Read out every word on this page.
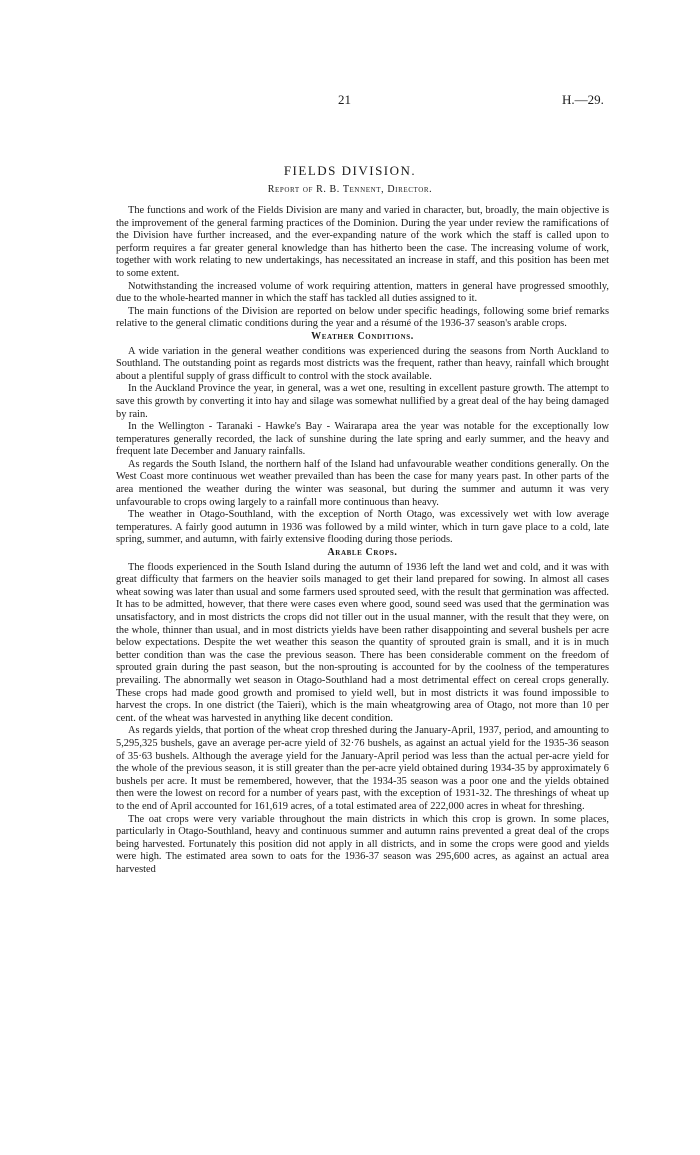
21	H.—29.
FIELDS DIVISION.
Report of R. B. Tennent, Director.

The functions and work of the Fields Division are many and varied in character, but, broadly, the main objective is the improvement of the general farming practices of the Dominion. During the year under review the ramifications of the Division have further increased, and the ever-expanding nature of the work which the staff is called upon to perform requires a far greater general knowledge than has hitherto been the case. The increasing volume of work, together with work relating to new undertakings, has necessitated an increase in staff, and this position has been met to some extent.

Notwithstanding the increased volume of work requiring attention, matters in general have progressed smoothly, due to the whole-hearted manner in which the staff has tackled all duties assigned to it.

The main functions of the Division are reported on below under specific headings, following some brief remarks relative to the general climatic conditions during the year and a résumé of the 1936-37 season's arable crops.

Weather Conditions.

A wide variation in the general weather conditions was experienced during the seasons from North Auckland to Southland. The outstanding point as regards most districts was the frequent, rather than heavy, rainfall which brought about a plentiful supply of grass difficult to control with the stock available.

In the Auckland Province the year, in general, was a wet one, resulting in excellent pasture growth. The attempt to save this growth by converting it into hay and silage was somewhat nullified by a great deal of the hay being damaged by rain.

In the Wellington - Taranaki - Hawke's Bay - Wairarapa area the year was notable for the exceptionally low temperatures generally recorded, the lack of sunshine during the late spring and early summer, and the heavy and frequent late December and January rainfalls.

As regards the South Island, the northern half of the Island had unfavourable weather conditions generally. On the West Coast more continuous wet weather prevailed than has been the case for many years past. In other parts of the area mentioned the weather during the winter was seasonal, but during the summer and autumn it was very unfavourable to crops owing largely to a rainfall more continuous than heavy.

The weather in Otago-Southland, with the exception of North Otago, was excessively wet with low average temperatures. A fairly good autumn in 1936 was followed by a mild winter, which in turn gave place to a cold, late spring, summer, and autumn, with fairly extensive flooding during those periods.

Arable Crops.

The floods experienced in the South Island during the autumn of 1936 left the land wet and cold, and it was with great difficulty that farmers on the heavier soils managed to get their land prepared for sowing. In almost all cases wheat sowing was later than usual and some farmers used sprouted seed, with the result that germination was affected. It has to be admitted, however, that there were cases even where good, sound seed was used that the germination was unsatisfactory, and in most districts the crops did not tiller out in the usual manner, with the result that they were, on the whole, thinner than usual, and in most districts yields have been rather disappointing and several bushels per acre below expectations. Despite the wet weather this season the quantity of sprouted grain is small, and it is in much better condition than was the case the previous season. There has been considerable comment on the freedom of sprouted grain during the past season, but the non-sprouting is accounted for by the coolness of the temperatures prevailing. The abnormally wet season in Otago-Southland had a most detrimental effect on cereal crops generally. These crops had made good growth and promised to yield well, but in most districts it was found impossible to harvest the crops. In one district (the Taieri), which is the main wheatgrowing area of Otago, not more than 10 per cent. of the wheat was harvested in anything like decent condition.

As regards yields, that portion of the wheat crop threshed during the January-April, 1937, period, and amounting to 5,295,325 bushels, gave an average per-acre yield of 32·76 bushels, as against an actual yield for the 1935-36 season of 35·63 bushels. Although the average yield for the January-April period was less than the actual per-acre yield for the whole of the previous season, it is still greater than the per-acre yield obtained during 1934-35 by approximately 6 bushels per acre. It must be remembered, however, that the 1934-35 season was a poor one and the yields obtained then were the lowest on record for a number of years past, with the exception of 1931-32. The threshings of wheat up to the end of April accounted for 161,619 acres, of a total estimated area of 222,000 acres in wheat for threshing.

The oat crops were very variable throughout the main districts in which this crop is grown. In some places, particularly in Otago-Southland, heavy and continuous summer and autumn rains prevented a great deal of the crops being harvested. Fortunately this position did not apply in all districts, and in some the crops were good and yields were high. The estimated area sown to oats for the 1936-37 season was 295,600 acres, as against an actual area harvested
